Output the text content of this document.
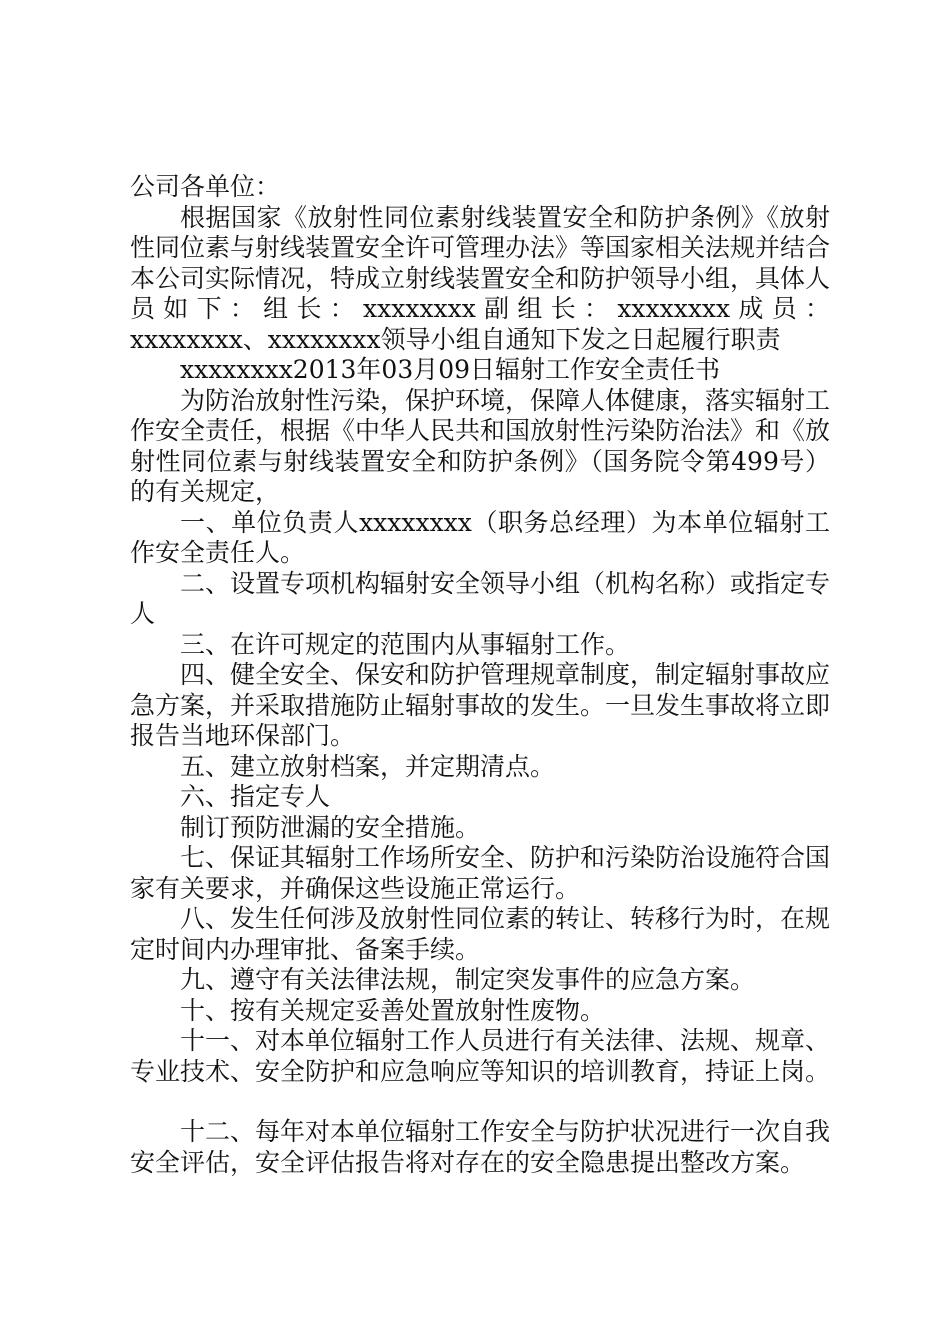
公司各单位：

根据国家《放射性同位素射线装置安全和防护条例》《放射性同位素与射线装置安全许可管理办法》等国家相关法规并结合本公司实际情况，特成立射线装置安全和防护领导小组，具体人员如下：组长：xxxxxxxx副组长：xxxxxxxx成员：xxxxxxxx、xxxxxxxx领导小组自通知下发之日起履行职责

xxxxxxxx2013年03月09日辐射工作安全责任书

为防治放射性污染，保护环境，保障人体健康，落实辐射工作安全责任，根据《中华人民共和国放射性污染防治法》和《放射性同位素与射线装置安全和防护条例》（国务院令第499号）的有关规定，

一、单位负责人xxxxxxxx（职务总经理）为本单位辐射工作安全责任人。

二、设置专项机构辐射安全领导小组（机构名称）或指定专人

三、在许可规定的范围内从事辐射工作。

四、健全安全、保安和防护管理规章制度，制定辐射事故应急方案，并采取措施防止辐射事故的发生。一旦发生事故将立即报告当地环保部门。

五、建立放射档案，并定期清点。

六、指定专人

制订预防泄漏的安全措施。

七、保证其辐射工作场所安全、防护和污染防治设施符合国家有关要求，并确保这些设施正常运行。

八、发生任何涉及放射性同位素的转让、转移行为时，在规定时间内办理审批、备案手续。

九、遵守有关法律法规，制定突发事件的应急方案。

十、按有关规定妥善处置放射性废物。

十一、对本单位辐射工作人员进行有关法律、法规、规章、专业技术、安全防护和应急响应等知识的培训教育，持证上岗。

十二、每年对本单位辐射工作安全与防护状况进行一次自我安全评估，安全评估报告将对存在的安全隐患提出整改方案。
